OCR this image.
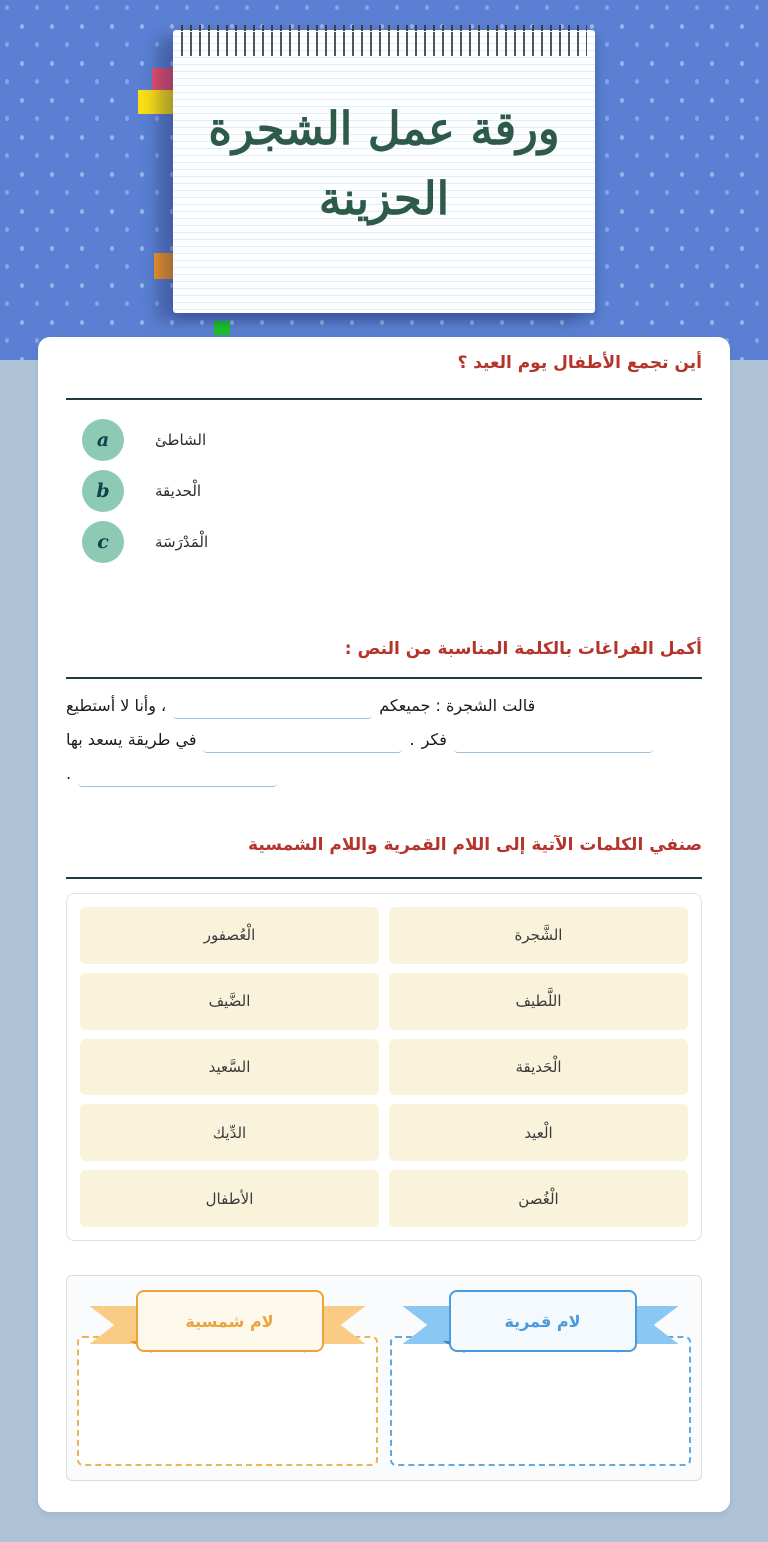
ورقة عمل الشجرة الحزينة
أين تجمع الأطفال يوم العيد ؟
a	الشاطئ
b	الْحديقة
c	الْمَدْرَسَة
أكمل الفراغات بالكلمة المناسبة من النص :
قالت الشجرة : جميعكم
، وأنا لا أستطيع
فكر
.
في طريقة يسعد بها
.
صنفي الكلمات الآتية إلى اللام القمرية واللام الشمسية
الشَّجرة
الْعُصفور
اللَّطيف
الضَّيف
الْحَديقة
السَّعيد
الْعيد
الدِّيك
الْغُصن
الأطفال
لام قمرية
لام شمسية
